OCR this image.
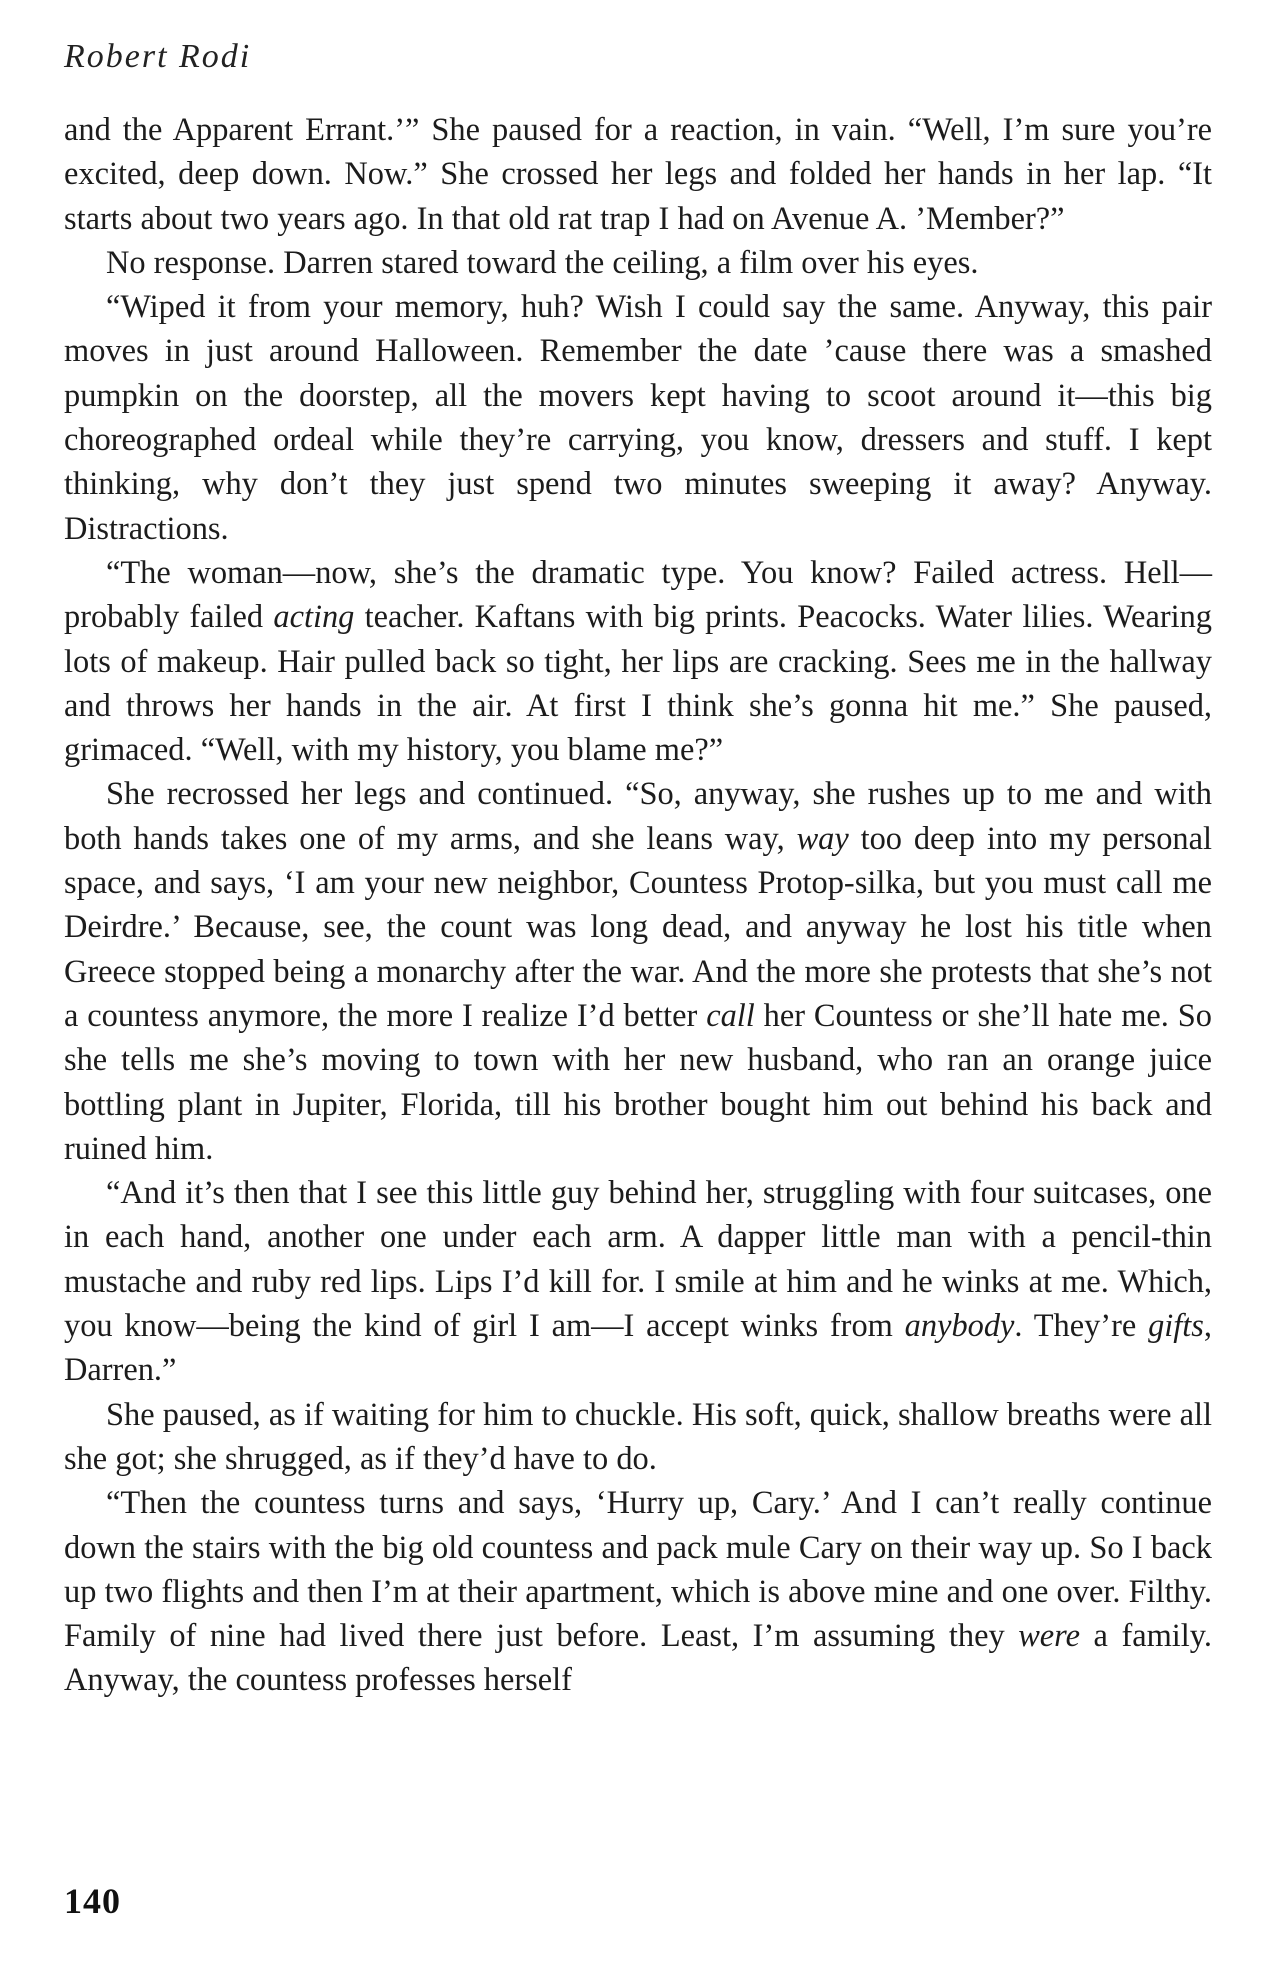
Robert Rodi

and the Apparent Errant.’” She paused for a reaction, in vain. “Well, I’m sure you’re excited, deep down. Now.” She crossed her legs and folded her hands in her lap. “It starts about two years ago. In that old rat trap I had on Avenue A. ’Member?”

No response. Darren stared toward the ceiling, a film over his eyes.

“Wiped it from your memory, huh? Wish I could say the same. Anyway, this pair moves in just around Halloween. Remember the date ’cause there was a smashed pumpkin on the doorstep, all the movers kept having to scoot around it—this big choreographed ordeal while they’re carrying, you know, dressers and stuff. I kept thinking, why don’t they just spend two minutes sweeping it away? Anyway. Distractions.

“The woman—now, she’s the dramatic type. You know? Failed actress. Hell—probably failed acting teacher. Kaftans with big prints. Peacocks. Water lilies. Wearing lots of makeup. Hair pulled back so tight, her lips are cracking. Sees me in the hallway and throws her hands in the air. At first I think she’s gonna hit me.” She paused, grimaced. “Well, with my history, you blame me?”

She recrossed her legs and continued. “So, anyway, she rushes up to me and with both hands takes one of my arms, and she leans way, way too deep into my personal space, and says, ‘I am your new neighbor, Countess Protop-silka, but you must call me Deirdre.’ Because, see, the count was long dead, and anyway he lost his title when Greece stopped being a monarchy after the war. And the more she protests that she’s not a countess anymore, the more I realize I’d better call her Countess or she’ll hate me. So she tells me she’s moving to town with her new husband, who ran an orange juice bottling plant in Jupiter, Florida, till his brother bought him out behind his back and ruined him.

“And it’s then that I see this little guy behind her, struggling with four suitcases, one in each hand, another one under each arm. A dapper little man with a pencil-thin mustache and ruby red lips. Lips I’d kill for. I smile at him and he winks at me. Which, you know—being the kind of girl I am—I accept winks from anybody. They’re gifts, Darren.”

She paused, as if waiting for him to chuckle. His soft, quick, shallow breaths were all she got; she shrugged, as if they’d have to do.

“Then the countess turns and says, ‘Hurry up, Cary.’ And I can’t really continue down the stairs with the big old countess and pack mule Cary on their way up. So I back up two flights and then I’m at their apartment, which is above mine and one over. Filthy. Family of nine had lived there just before. Least, I’m assuming they were a family. Anyway, the countess professes herself

140
